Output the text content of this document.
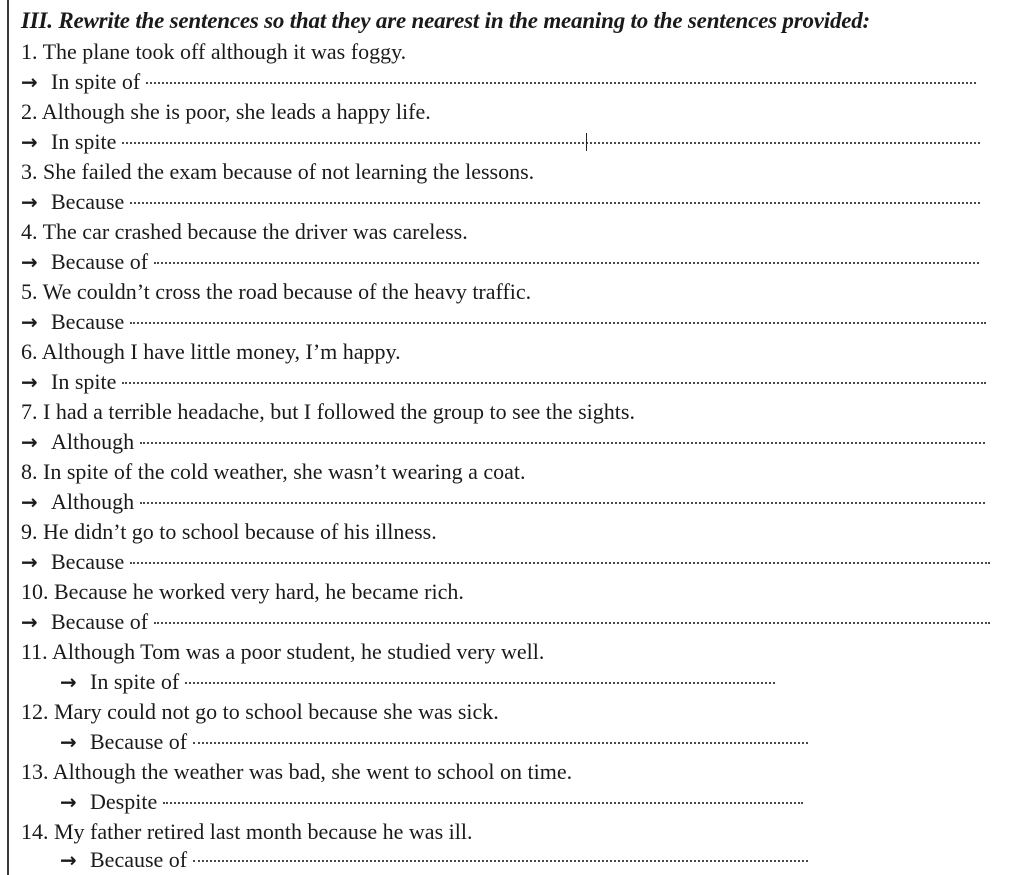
III. Rewrite the sentences so that they are nearest in the meaning to the sentences provided:
1. The plane took off although it was foggy.
→ In spite of
2. Although she is poor, she leads a happy life.
→ In spite
3. She failed the exam because of not learning the lessons.
→ Because
4. The car crashed because the driver was careless.
→ Because of
5. We couldn’t cross the road because of the heavy traffic.
→ Because
6. Although I have little money, I’m happy.
→ In spite
7. I had a terrible headache, but I followed the group to see the sights.
→ Although
8. In spite of the cold weather, she wasn’t wearing a coat.
→ Although
9. He didn’t go to school because of his illness.
→ Because
10. Because he worked very hard, he became rich.
→ Because of
11. Although Tom was a poor student, he studied very well.
→ In spite of
12. Mary could not go to school because she was sick.
→ Because of
13. Although the weather was bad, she went to school on time.
→ Despite
14. My father retired last month because he was ill.
→ Because of
